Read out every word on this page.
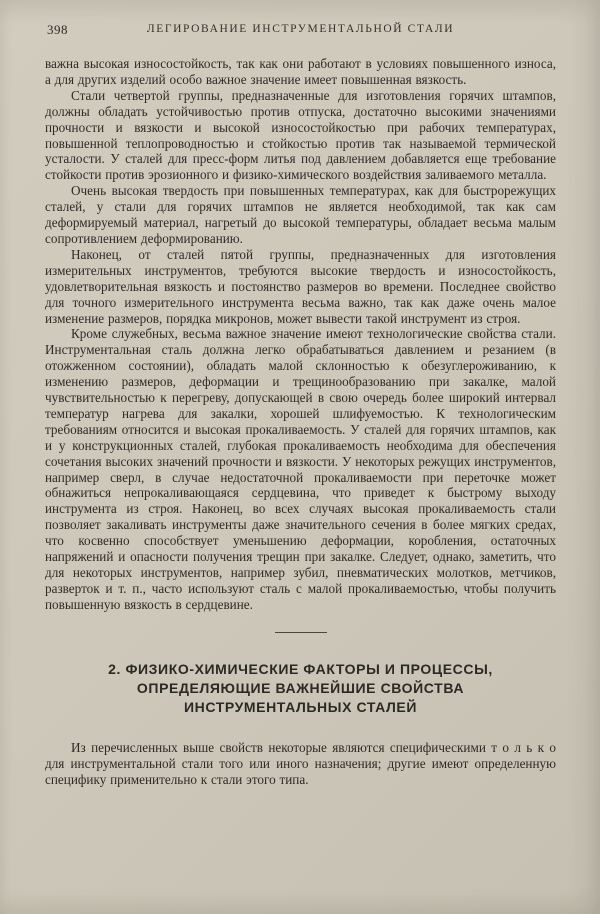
398	ЛЕГИРОВАНИЕ ИНСТРУМЕНТАЛЬНОЙ СТАЛИ

важна высокая износостойкость, так как они работают в условиях повышенного износа, а для других изделий особо важное значение имеет повышенная вязкость.

Стали четвертой группы, предназначенные для изготовления горячих штампов, должны обладать устойчивостью против отпуска, достаточно высокими значениями прочности и вязкости и высокой износостойкостью при рабочих температурах, повышенной теплопроводностью и стойкостью против так называемой термической усталости. У сталей для пресс-форм литья под давлением добавляется еще требование стойкости против эрозионного и физико-химического воздействия заливаемого металла.

Очень высокая твердость при повышенных температурах, как для быстрорежущих сталей, у стали для горячих штампов не является необходимой, так как сам деформируемый материал, нагретый до высокой температуры, обладает весьма малым сопротивлением деформированию.

Наконец, от сталей пятой группы, предназначенных для изготовления измерительных инструментов, требуются высокие твердость и износостойкость, удовлетворительная вязкость и постоянство размеров во времени. Последнее свойство для точного измерительного инструмента весьма важно, так как даже очень малое изменение размеров, порядка микронов, может вывести такой инструмент из строя.

Кроме служебных, весьма важное значение имеют технологические свойства стали. Инструментальная сталь должна легко обрабатываться давлением и резанием (в отожженном состоянии), обладать малой склонностью к обезуглероживанию, к изменению размеров, деформации и трещинообразованию при закалке, малой чувствительностью к перегреву, допускающей в свою очередь более широкий интервал температур нагрева для закалки, хорошей шлифуемостью. К технологическим требованиям относится и высокая прокаливаемость. У сталей для горячих штампов, как и у конструкционных сталей, глубокая прокаливаемость необходима для обеспечения сочетания высоких значений прочности и вязкости. У некоторых режущих инструментов, например сверл, в случае недостаточной прокаливаемости при переточке может обнажиться непрокаливающаяся сердцевина, что приведет к быстрому выходу инструмента из строя. Наконец, во всех случаях высокая прокаливаемость стали позволяет закаливать инструменты даже значительного сечения в более мягких средах, что косвенно способствует уменьшению деформации, коробления, остаточных напряжений и опасности получения трещин при закалке. Следует, однако, заметить, что для некоторых инструментов, например зубил, пневматических молотков, метчиков, разверток и т. п., часто используют сталь с малой прокаливаемостью, чтобы получить повышенную вязкость в сердцевине.

2. ФИЗИКО-ХИМИЧЕСКИЕ ФАКТОРЫ И ПРОЦЕССЫ,
ОПРЕДЕЛЯЮЩИЕ ВАЖНЕЙШИЕ СВОЙСТВА
ИНСТРУМЕНТАЛЬНЫХ СТАЛЕЙ

Из перечисленных выше свойств некоторые являются специфическими т о л ь к о для инструментальной стали того или иного назначения; другие имеют определенную специфику применительно к стали этого типа.
